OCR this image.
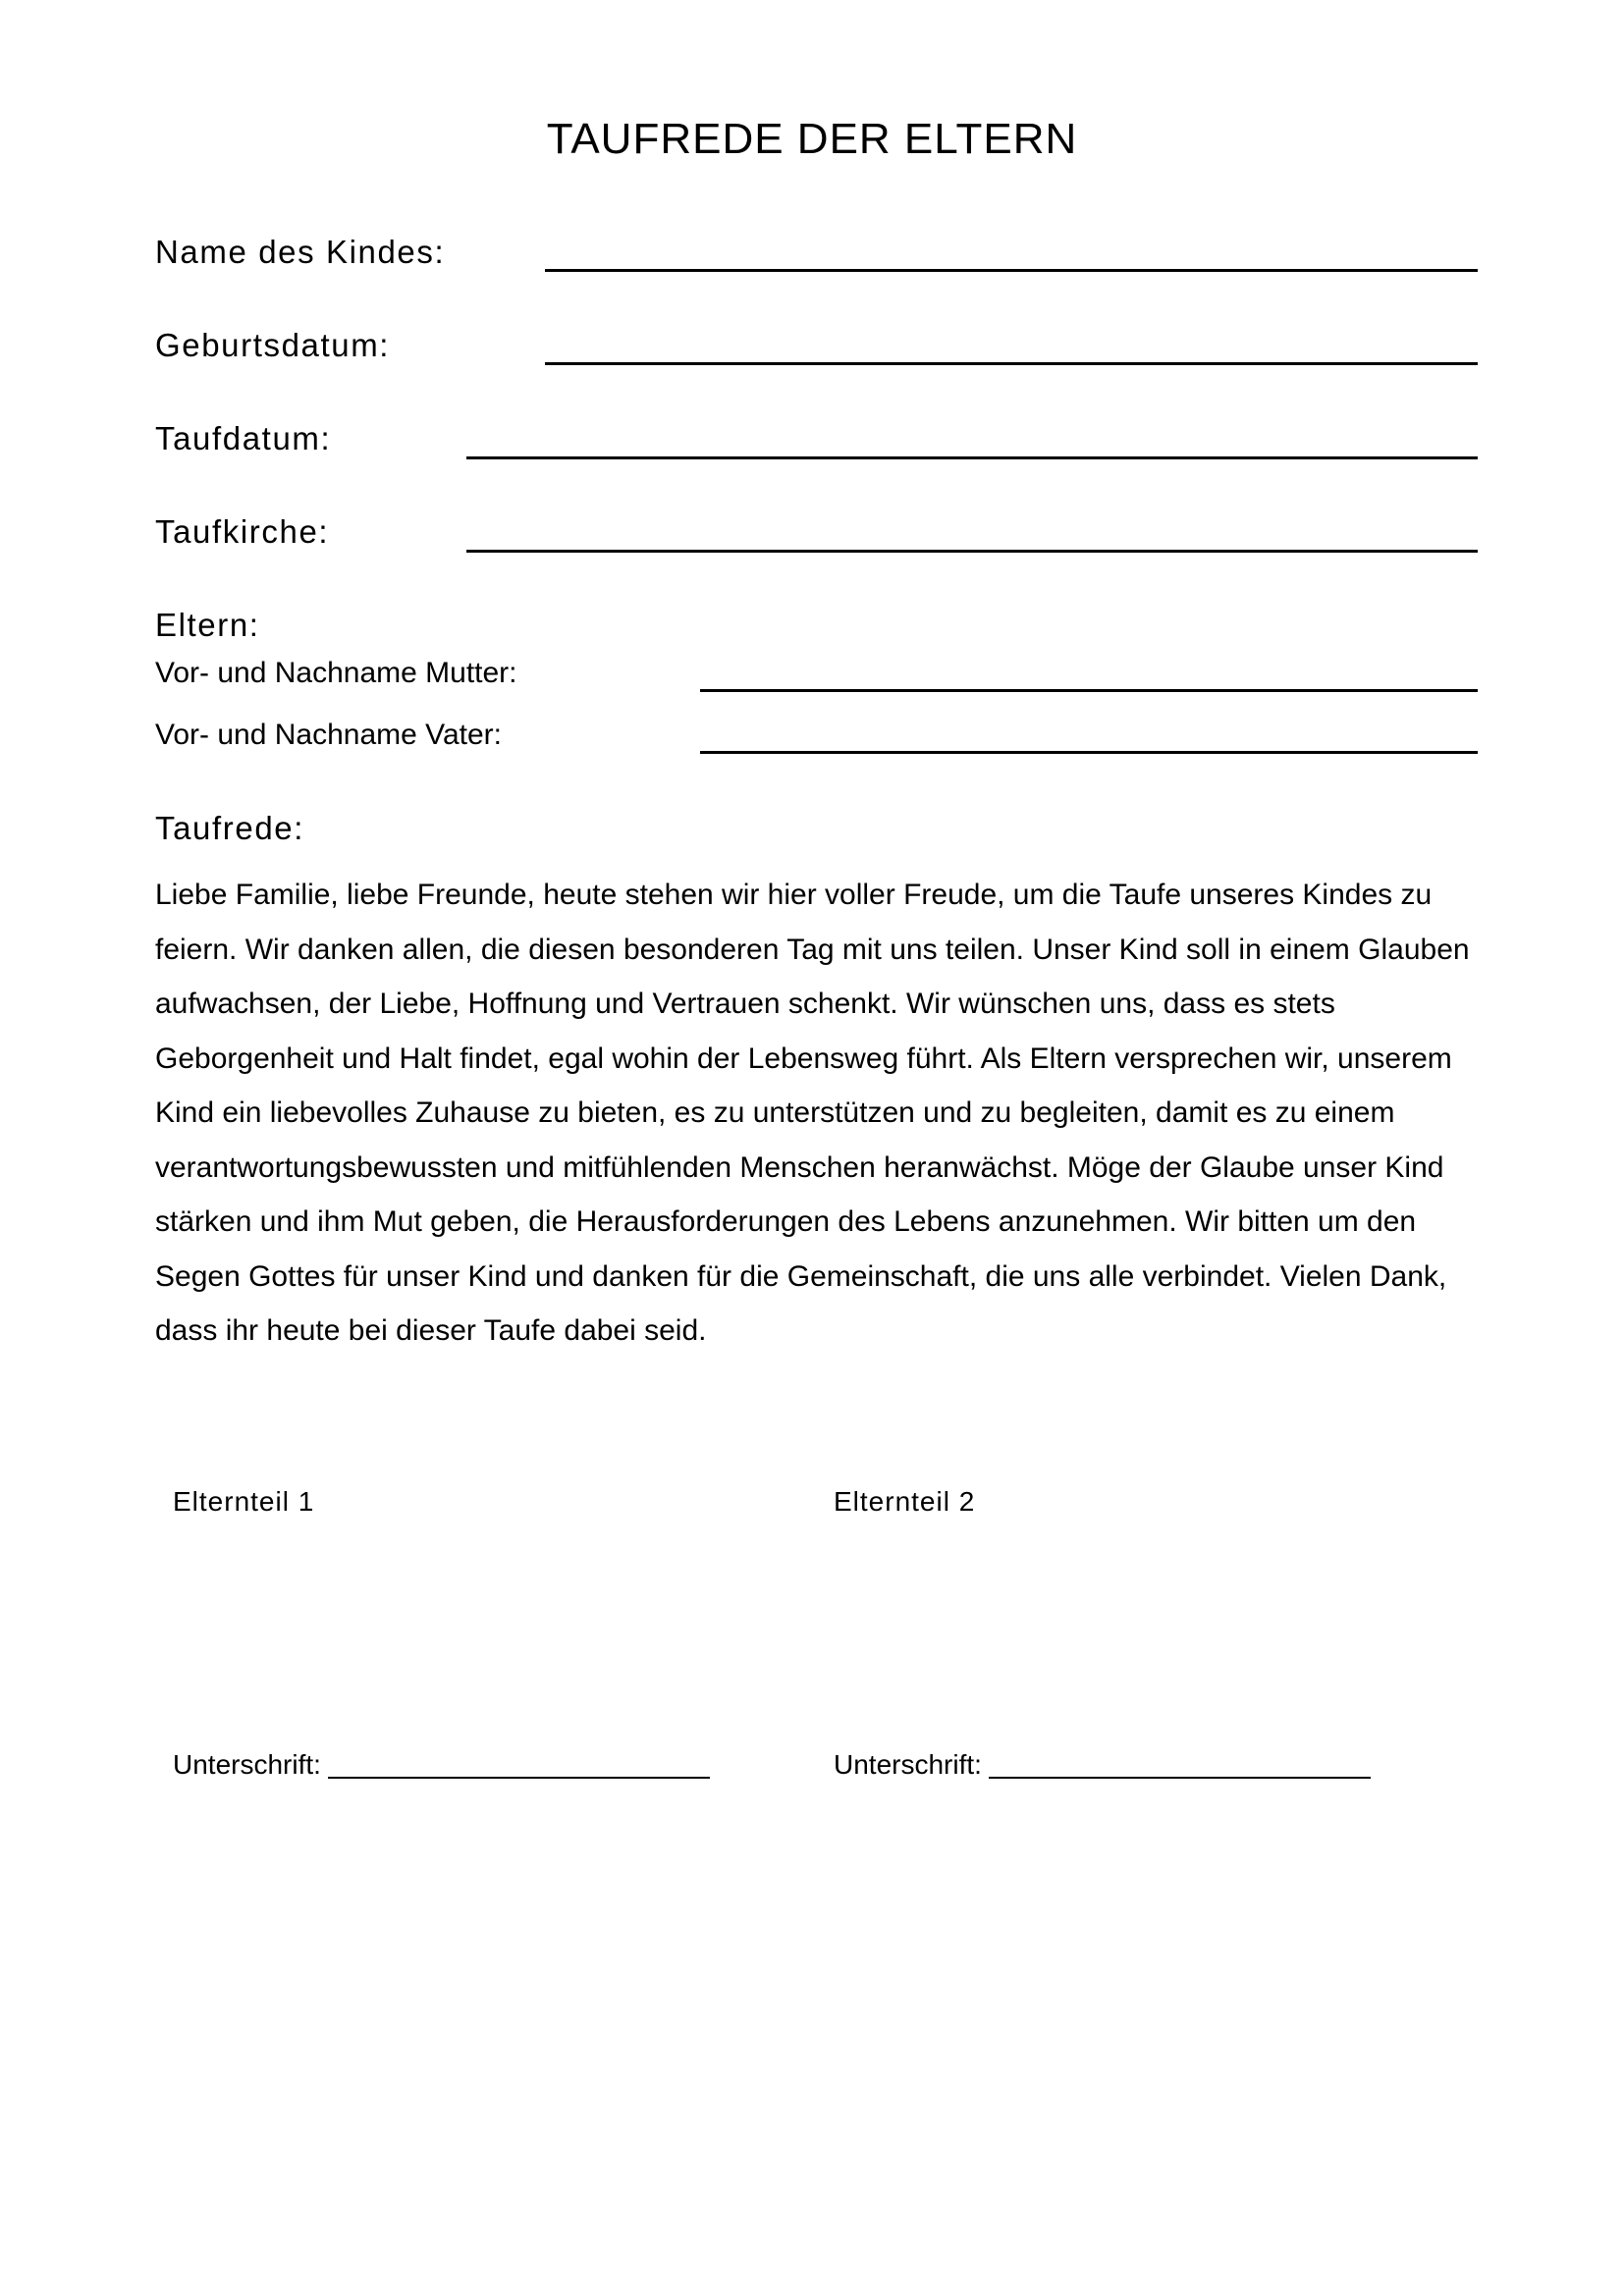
TAUFREDE DER ELTERN
Name des Kindes:
Geburtsdatum:
Taufdatum:
Taufkirche:
Eltern:
Vor- und Nachname Mutter:
Vor- und Nachname Vater:
Taufrede:

Liebe Familie, liebe Freunde, heute stehen wir hier voller Freude, um die Taufe unseres Kindes zu feiern. Wir danken allen, die diesen besonderen Tag mit uns teilen. Unser Kind soll in einem Glauben aufwachsen, der Liebe, Hoffnung und Vertrauen schenkt. Wir wünschen uns, dass es stets Geborgenheit und Halt findet, egal wohin der Lebensweg führt. Als Eltern versprechen wir, unserem Kind ein liebevolles Zuhause zu bieten, es zu unterstützen und zu begleiten, damit es zu einem verantwortungsbewussten und mitfühlenden Menschen heranwächst. Möge der Glaube unser Kind stärken und ihm Mut geben, die Herausforderungen des Lebens anzunehmen. Wir bitten um den Segen Gottes für unser Kind und danken für die Gemeinschaft, die uns alle verbindet. Vielen Dank, dass ihr heute bei dieser Taufe dabei seid.

Elternteil 1	Elternteil 2
Unterschrift:	Unterschrift:
